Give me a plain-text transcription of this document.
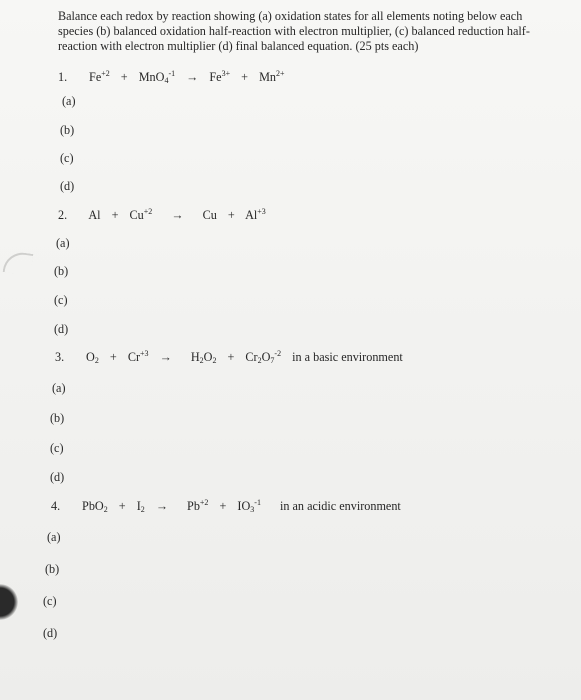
Balance each redox by reaction showing (a) oxidation states for all elements noting below each species (b) balanced oxidation half-reaction with electron multiplier, (c) balanced reduction half-reaction with electron multiplier (d) final balanced equation. (25 pts each)
1. $Fe^{+2} + MnO_4^{-1} \to Fe^{3+} + Mn^{2+}$
(a)
(b)
(c)
(d)
2. $Al + Cu^{+2} \to Cu + Al^{+3}$
(a)
(b)
(c)
(d)
3. $O_2 + Cr^{+3} \to H_2O_2 + Cr_2O_7^{-2}$ in a basic environment
(a)
(b)
(c)
(d)
4. $PbO_2 + I_2 \to Pb^{+2} + IO_3^{-1}$ in an acidic environment
(a)
(b)
(c)
(d)
